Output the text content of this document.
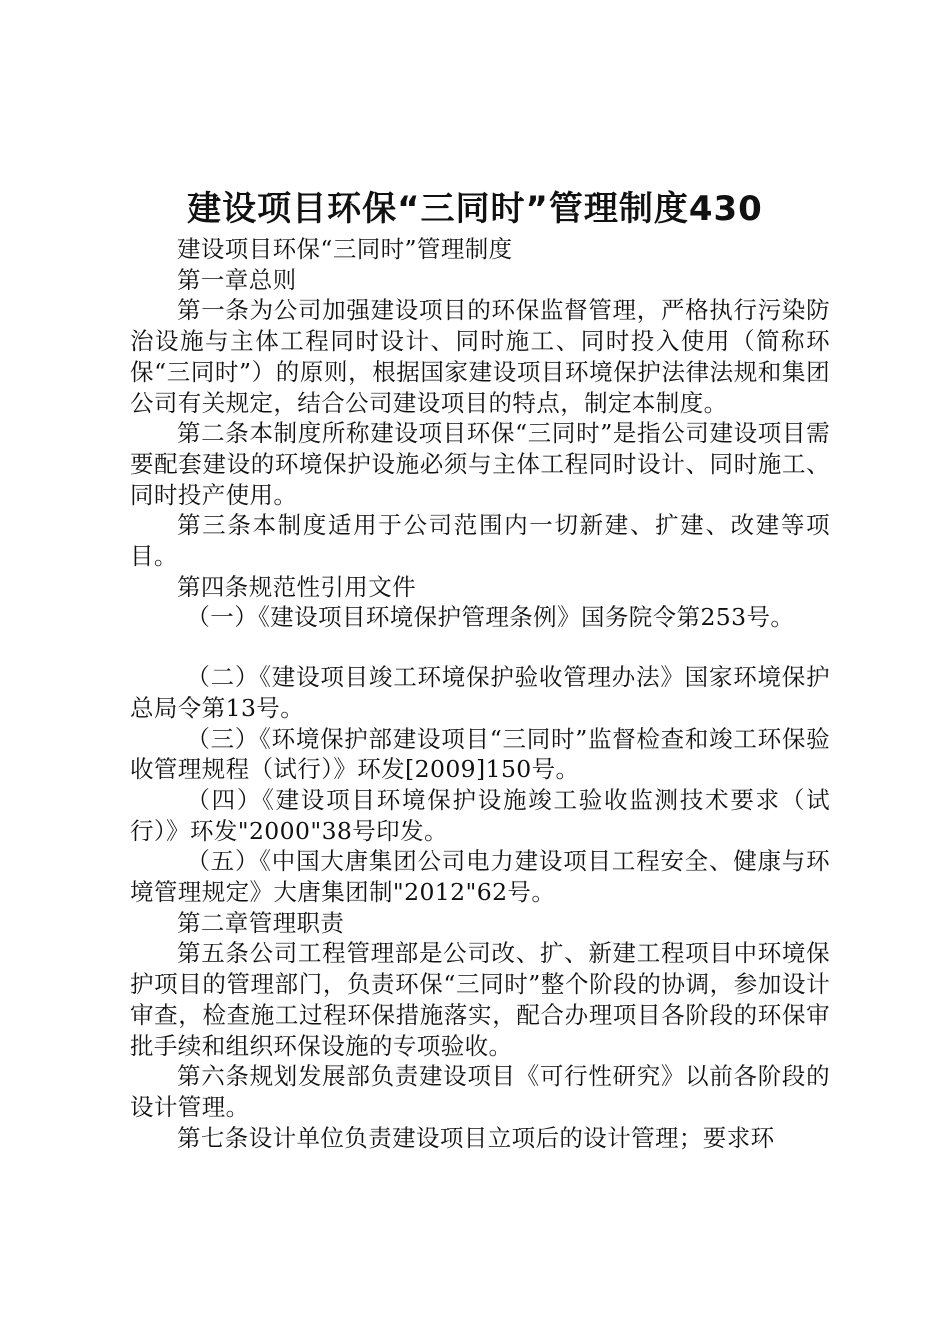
建设项目环保“三同时”管理制度430

建设项目环保“三同时”管理制度

第一章总则

第一条为公司加强建设项目的环保监督管理，严格执行污染防治设施与主体工程同时设计、同时施工、同时投入使用（简称环保“三同时”）的原则，根据国家建设项目环境保护法律法规和集团公司有关规定，结合公司建设项目的特点，制定本制度。

第二条本制度所称建设项目环保“三同时”是指公司建设项目需要配套建设的环境保护设施必须与主体工程同时设计、同时施工、同时投产使用。

第三条本制度适用于公司范围内一切新建、扩建、改建等项目。

第四条规范性引用文件

（一）《建设项目环境保护管理条例》国务院令第253号。

（二）《建设项目竣工环境保护验收管理办法》国家环境保护总局令第13号。

（三）《环境保护部建设项目“三同时”监督检查和竣工环保验收管理规程（试行）》环发[2009]150号。

（四）《建设项目环境保护设施竣工验收监测技术要求（试行）》环发"2000"38号印发。

（五）《中国大唐集团公司电力建设项目工程安全、健康与环境管理规定》大唐集团制"2012"62号。

第二章管理职责

第五条公司工程管理部是公司改、扩、新建工程项目中环境保护项目的管理部门，负责环保“三同时”整个阶段的协调，参加设计审查，检查施工过程环保措施落实，配合办理项目各阶段的环保审批手续和组织环保设施的专项验收。

第六条规划发展部负责建设项目《可行性研究》以前各阶段的设计管理。

第七条设计单位负责建设项目立项后的设计管理；要求环
